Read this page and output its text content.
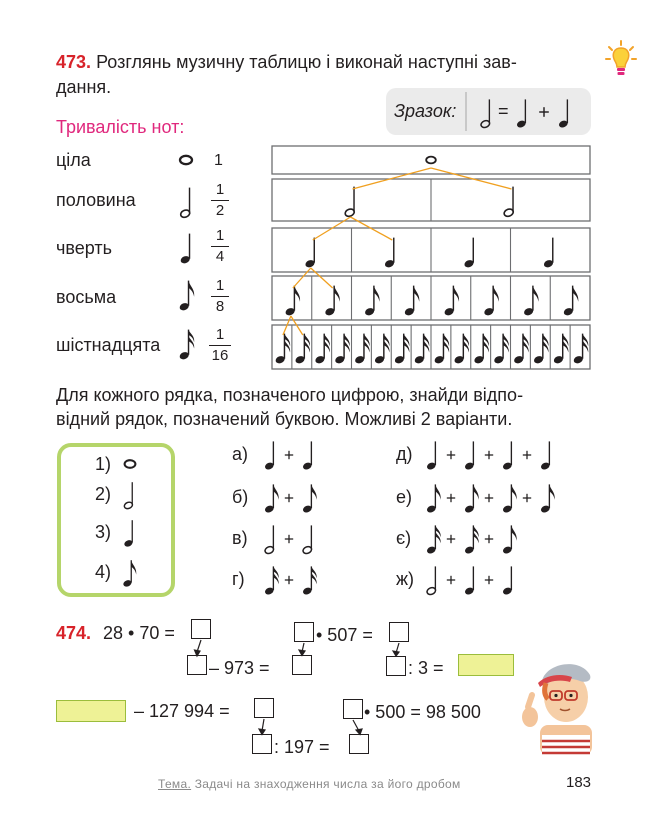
473. Розглянь музичну таблицю і виконай наступні зав-
дання.
Зразок: =
Тривалість нот:
ціла
половина
чверть
восьма
шістнадцята
1
1
2
1
4
1
8
1
16
Для кожного рядка, позначеного цифрою, знайди відпо-
відний рядок, позначений буквою. Можливі 2 варіанти.
1)
2)
3)
4)
а)
б)
в)
г)
д)
е)
є)
ж)
474. 28 • 70 =
– 973 =
• 507 =
: 3 =
– 127 994 =
: 197 =
• 500 = 98 500
Тема. Задачі на знаходження числа за його дробом	183
